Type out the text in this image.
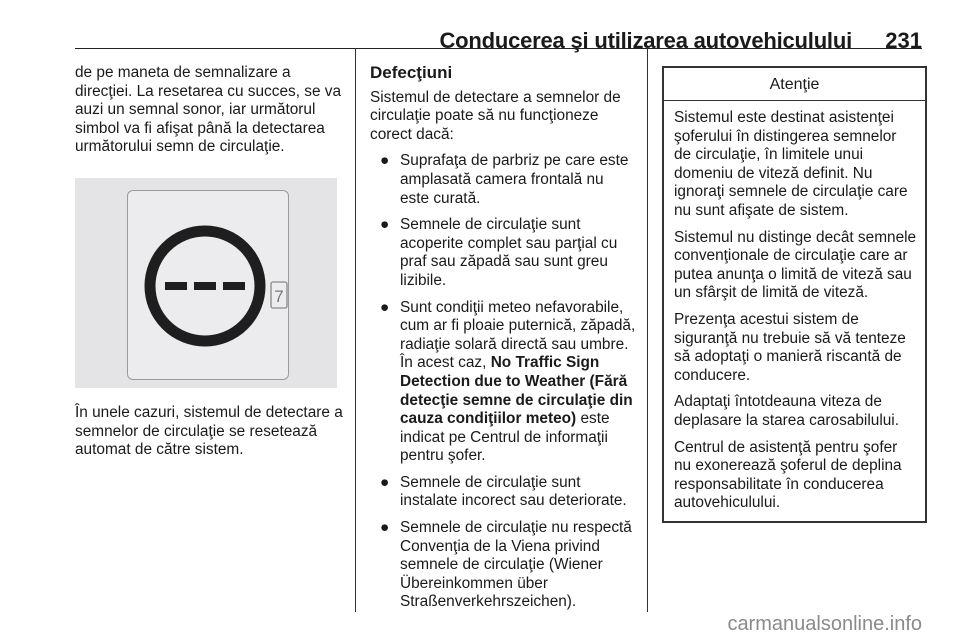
Conducerea şi utilizarea autovehiculului 231

de pe maneta de semnalizare a direcţiei. La resetarea cu succes, se va auzi un semnal sonor, iar următorul simbol va fi afişat până la detectarea următorului semn de circulaţie.

7
În unele cazuri, sistemul de detectare a semnelor de circulaţie se resetează automat de către sistem.

Defecţiuni

Sistemul de detectare a semnelor de circulaţie poate să nu funcţioneze corect dacă:

● Suprafaţa de parbriz pe care este amplasată camera frontală nu este curată.
● Semnele de circulaţie sunt acoperite complet sau parţial cu praf sau zăpadă sau sunt greu lizibile.
● Sunt condiţii meteo nefavorabile, cum ar fi ploaie puternică, zăpadă, radiaţie solară directă sau umbre. În acest caz, No Traffic Sign Detection due to Weather (Fără detecţie semne de circulaţie din cauza condiţiilor meteo) este indicat pe Centrul de informaţii pentru şofer.
● Semnele de circulaţie sunt instalate incorect sau deteriorate.
● Semnele de circulaţie nu respectă Convenţia de la Viena privind semnele de circulaţie (Wiener Übereinkommen über Straßenverkehrszeichen).
Atenţie

Sistemul este destinat asistenţei şoferului în distingerea semnelor de circulaţie, în limitele unui domeniu de viteză definit. Nu ignoraţi semnele de circulaţie care nu sunt afişate de sistem.

Sistemul nu distinge decât semnele convenţionale de circulaţie care ar putea anunţa o limită de viteză sau un sfârşit de limită de viteză.

Prezenţa acestui sistem de siguranţă nu trebuie să vă tenteze să adoptaţi o manieră riscantă de conducere.

Adaptaţi întotdeauna viteza de deplasare la starea carosabilului.

Centrul de asistenţă pentru şofer nu exonerează şoferul de deplina responsabilitate în conducerea autovehiculului.

carmanualsonline.info
